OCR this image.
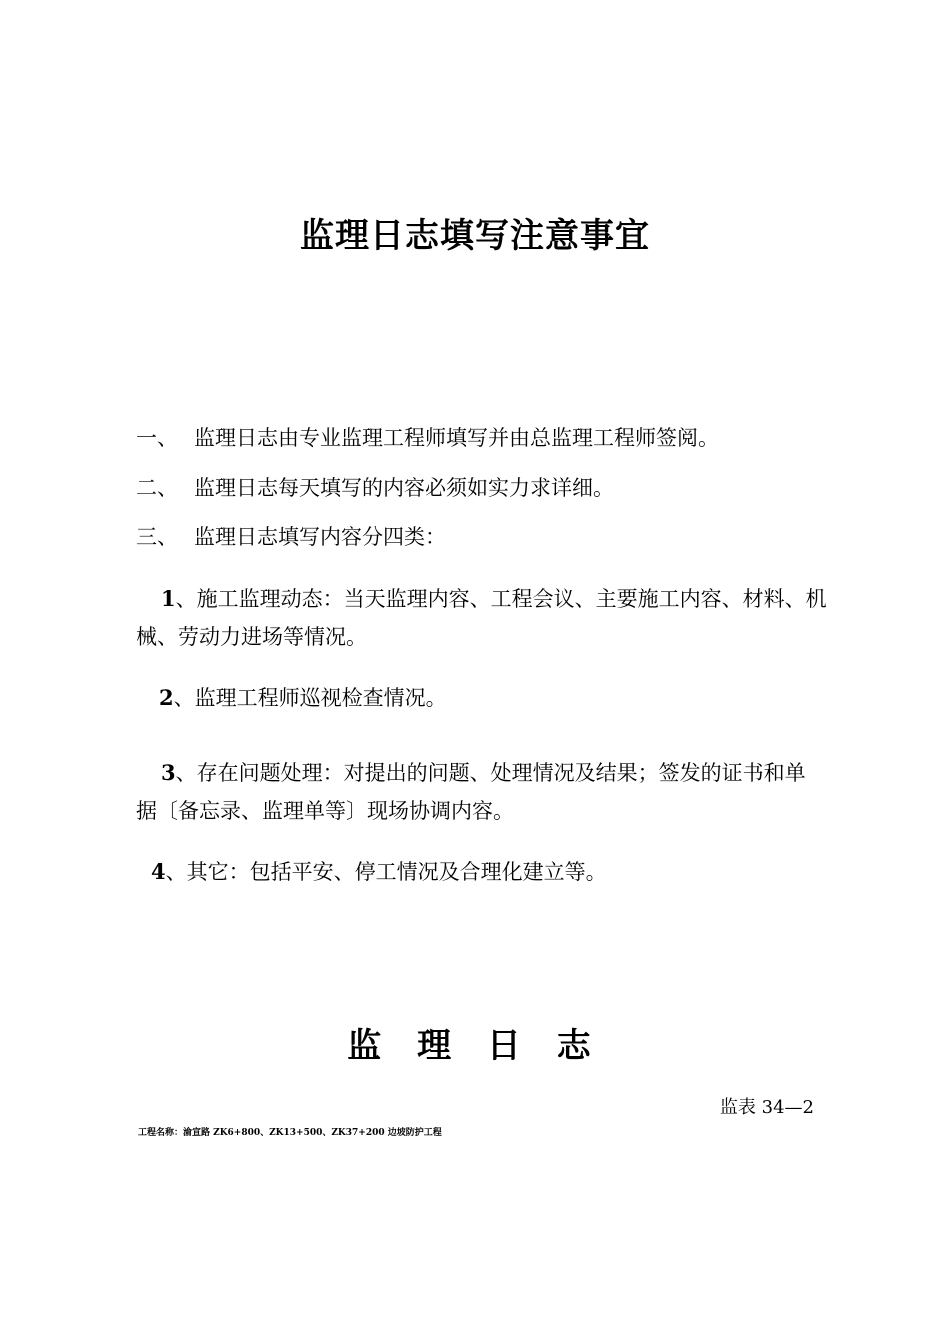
监理日志填写注意事宜
一、 监理日志由专业监理工程师填写并由总监理工程师签阅。
二、 监理日志每天填写的内容必须如实力求详细。
三、 监理日志填写内容分四类：
1、施工监理动态：当天监理内容、工程会议、主要施工内容、材料、机械、劳动力进场等情况。
2、监理工程师巡视检查情况。
3、存在问题处理：对提出的问题、处理情况及结果；签发的证书和单据〔备忘录、监理单等〕现场协调内容。
4、其它：包括平安、停工情况及合理化建立等。
监 理 日 志
监表 34—2
工程名称：渝宣路 ZK6+800、ZK13+500、ZK37+200 边坡防护工程
